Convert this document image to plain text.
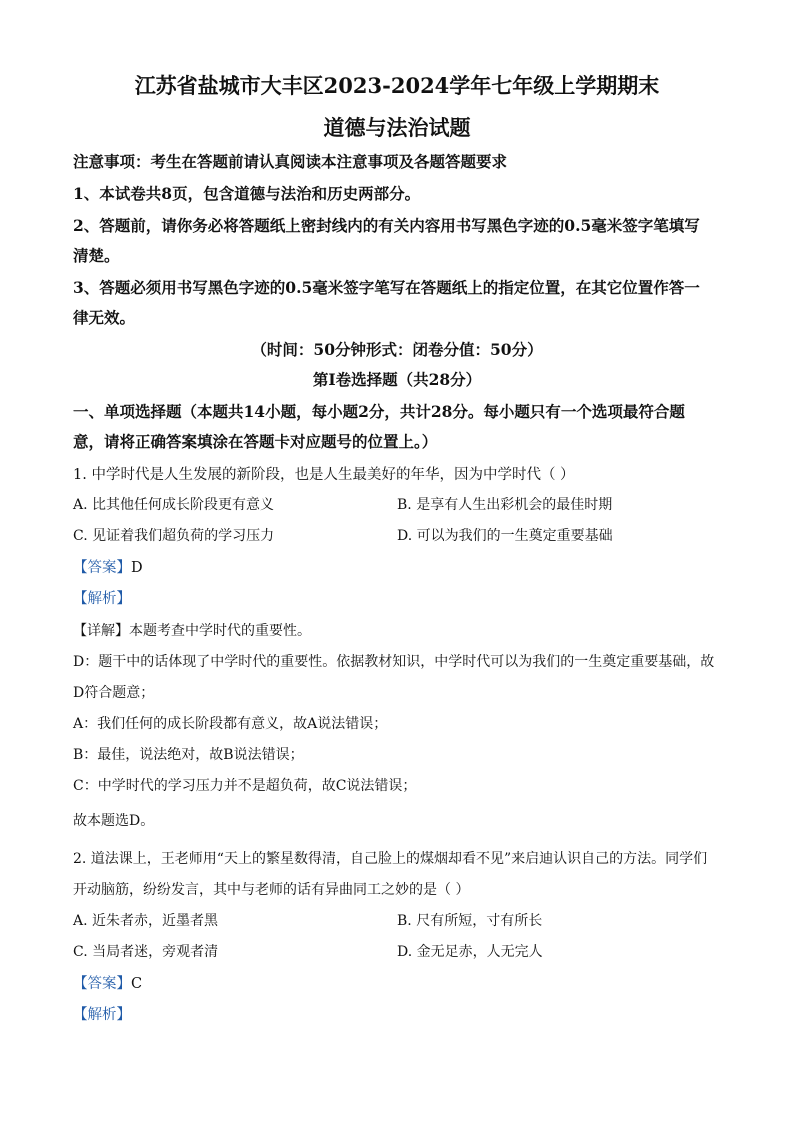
江苏省盐城市大丰区2023-2024学年七年级上学期期末
道德与法治试题
注意事项：考生在答题前请认真阅读本注意事项及各题答题要求
1、本试卷共8页，包含道德与法治和历史两部分。
2、答题前，请你务必将答题纸上密封线内的有关内容用书写黑色字迹的0.5毫米签字笔填写
清楚。
3、答题必须用书写黑色字迹的0.5毫米签字笔写在答题纸上的指定位置，在其它位置作答一
律无效。
（时间：50分钟形式：闭卷分值：50分）
第Ⅰ卷选择题（共28分）
一、单项选择题（本题共14小题，每小题2分，共计28分。每小题只有一个选项最符合题
意，请将正确答案填涂在答题卡对应题号的位置上。）
1. 中学时代是人生发展的新阶段，也是人生最美好的年华，因为中学时代（ ）
A. 比其他任何成长阶段更有意义	B. 是享有人生出彩机会的最佳时期
C. 见证着我们超负荷的学习压力	D. 可以为我们的一生奠定重要基础
【答案】D
【解析】
【详解】本题考查中学时代的重要性。
D：题干中的话体现了中学时代的重要性。依据教材知识，中学时代可以为我们的一生奠定重要基础，故
D符合题意；
A：我们任何的成长阶段都有意义，故A说法错误；
B：最佳，说法绝对，故B说法错误；
C：中学时代的学习压力并不是超负荷，故C说法错误；
故本题选D。
2. 道法课上，王老师用“天上的繁星数得清，自己脸上的煤烟却看不见”来启迪认识自己的方法。同学们
开动脑筋，纷纷发言，其中与老师的话有异曲同工之妙的是（ ）
A. 近朱者赤，近墨者黑	B. 尺有所短，寸有所长
C. 当局者迷，旁观者清	D. 金无足赤，人无完人
【答案】C
【解析】
